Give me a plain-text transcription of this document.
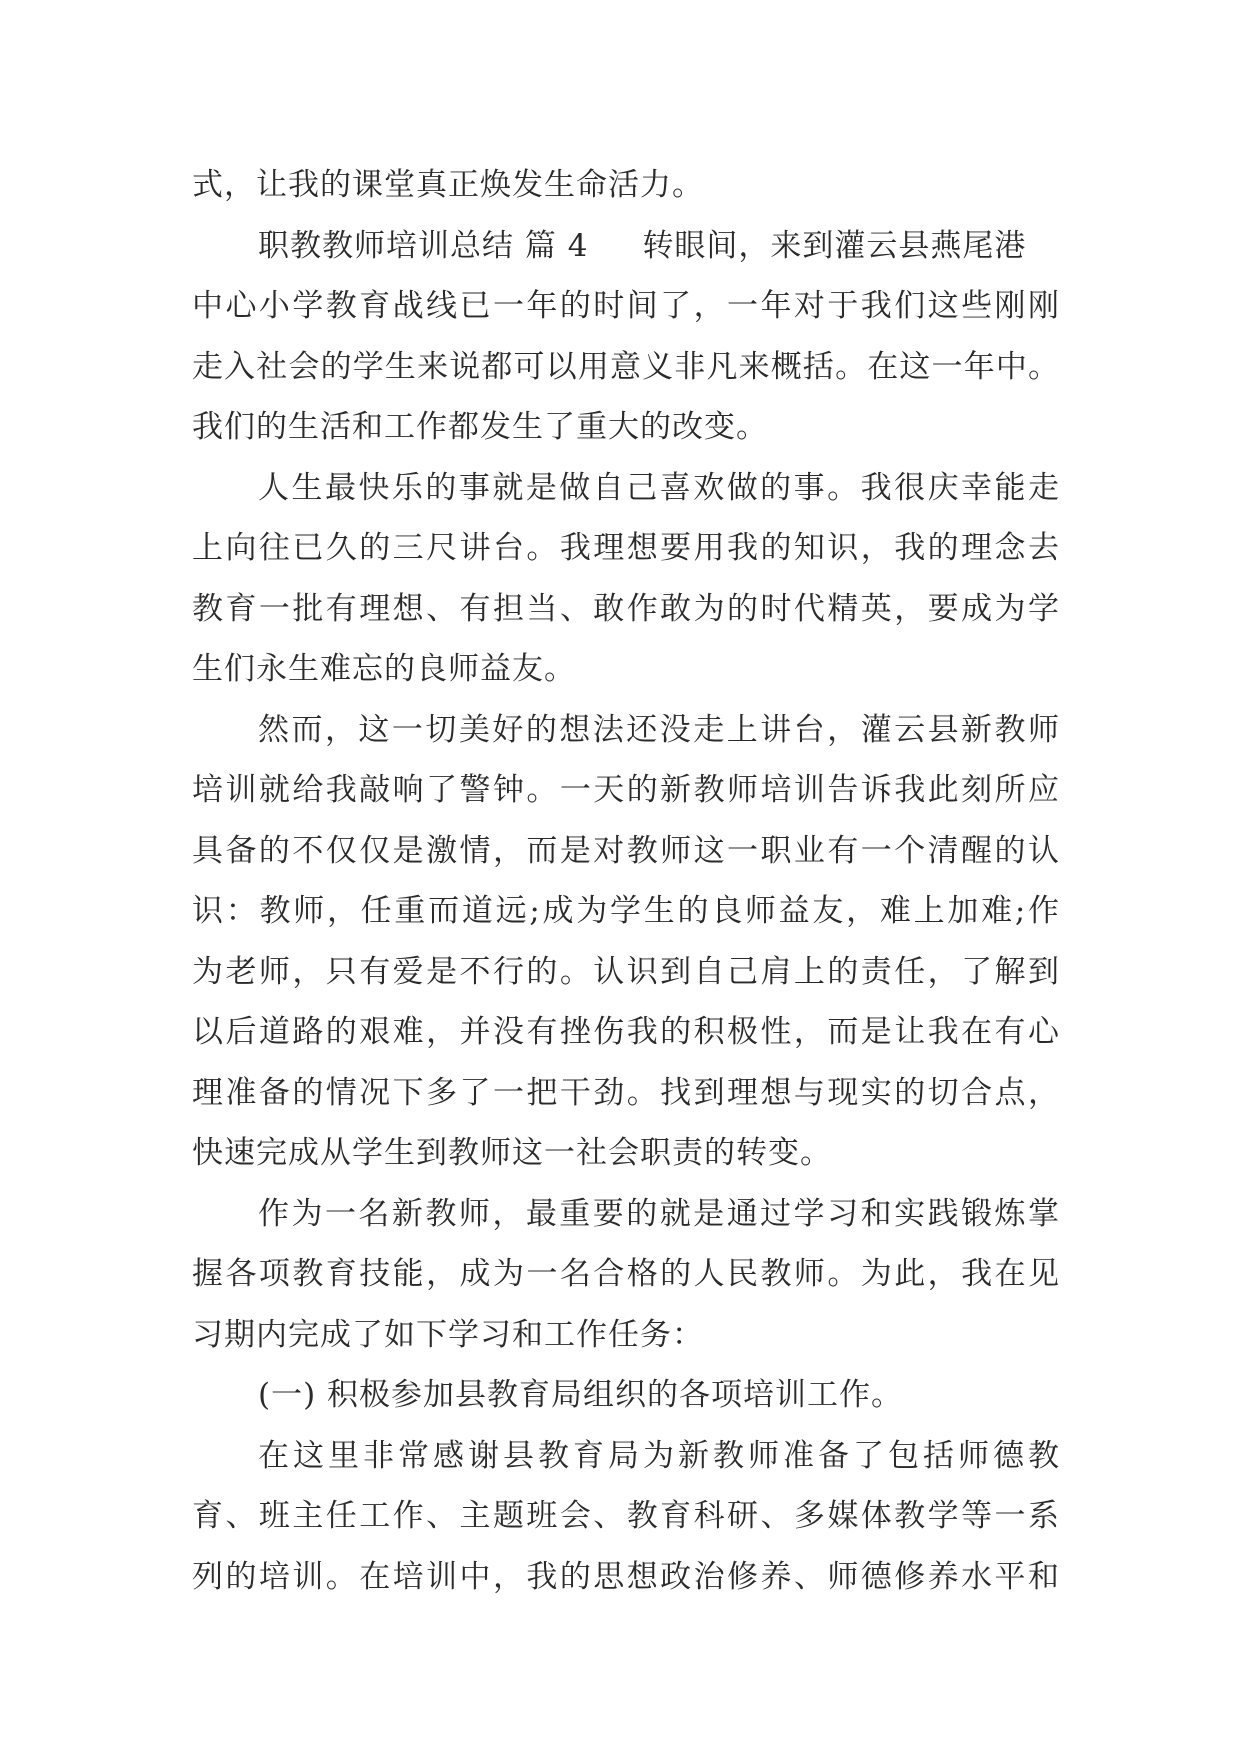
式，让我的课堂真正焕发生命活力。
职教教师培训总结 篇 4 转眼间，来到灌云县燕尾港
中心小学教育战线已一年的时间了，一年对于我们这些刚刚
走入社会的学生来说都可以用意义非凡来概括。在这一年中。
我们的生活和工作都发生了重大的改变。
人生最快乐的事就是做自己喜欢做的事。我很庆幸能走
上向往已久的三尺讲台。我理想要用我的知识，我的理念去
教育一批有理想、有担当、敢作敢为的时代精英，要成为学
生们永生难忘的良师益友。
然而，这一切美好的想法还没走上讲台，灌云县新教师
培训就给我敲响了警钟。一天的新教师培训告诉我此刻所应
具备的不仅仅是激情，而是对教师这一职业有一个清醒的认
识：教师，任重而道远;成为学生的良师益友，难上加难;作
为老师，只有爱是不行的。认识到自己肩上的责任，了解到
以后道路的艰难，并没有挫伤我的积极性，而是让我在有心
理准备的情况下多了一把干劲。找到理想与现实的切合点，
快速完成从学生到教师这一社会职责的转变。
作为一名新教师，最重要的就是通过学习和实践锻炼掌
握各项教育技能，成为一名合格的人民教师。为此，我在见
习期内完成了如下学习和工作任务：
(一) 积极参加县教育局组织的各项培训工作。
在这里非常感谢县教育局为新教师准备了包括师德教
育、班主任工作、主题班会、教育科研、多媒体教学等一系
列的培训。在培训中，我的思想政治修养、师德修养水平和
